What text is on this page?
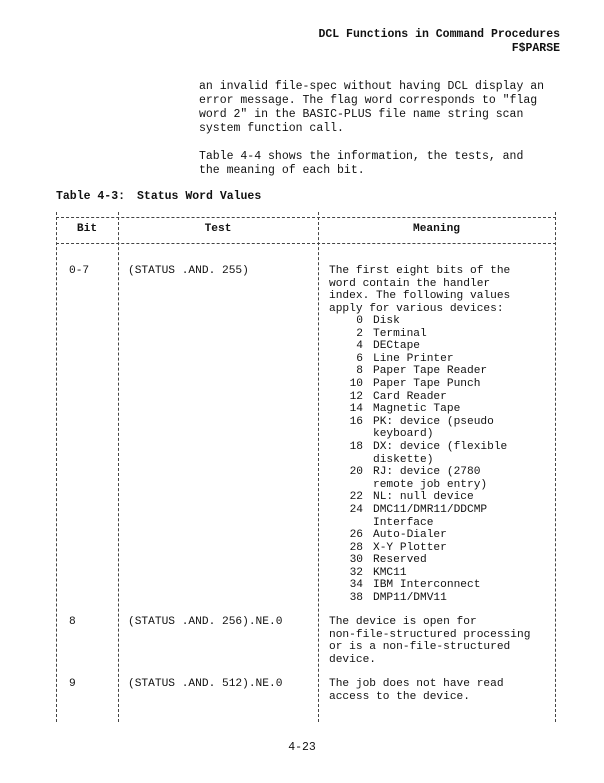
DCL Functions in Command Procedures
F$PARSE

an invalid file-spec without having DCL display an
error message. The flag word corresponds to "flag
word 2" in the BASIC-PLUS file name string scan
system function call.

Table 4-4 shows the information, the tests, and
the meaning of each bit.

Table 4-3: Status Word Values
Bit	Test	Meaning
0-7	(STATUS .AND. 255)	The first eight bits of the
word contain the handler
index. The following values
apply for various devices:
0 Disk
2 Terminal
4 DECtape
6 Line Printer
8 Paper Tape Reader
10 Paper Tape Punch
12 Card Reader
14 Magnetic Tape
16 PK: device (pseudo
keyboard)
18 DX: device (flexible
diskette)
20 RJ: device (2780
remote job entry)
22 NL: null device
24 DMC11/DMR11/DDCMP
Interface
26 Auto-Dialer
28 X-Y Plotter
30 Reserved
32 KMC11
34 IBM Interconnect
38 DMP11/DMV11
8	(STATUS .AND. 256).NE.0	The device is open for
non-file-structured processing
or is a non-file-structured
device.
9	(STATUS .AND. 512).NE.0	The job does not have read
access to the device.
4-23
